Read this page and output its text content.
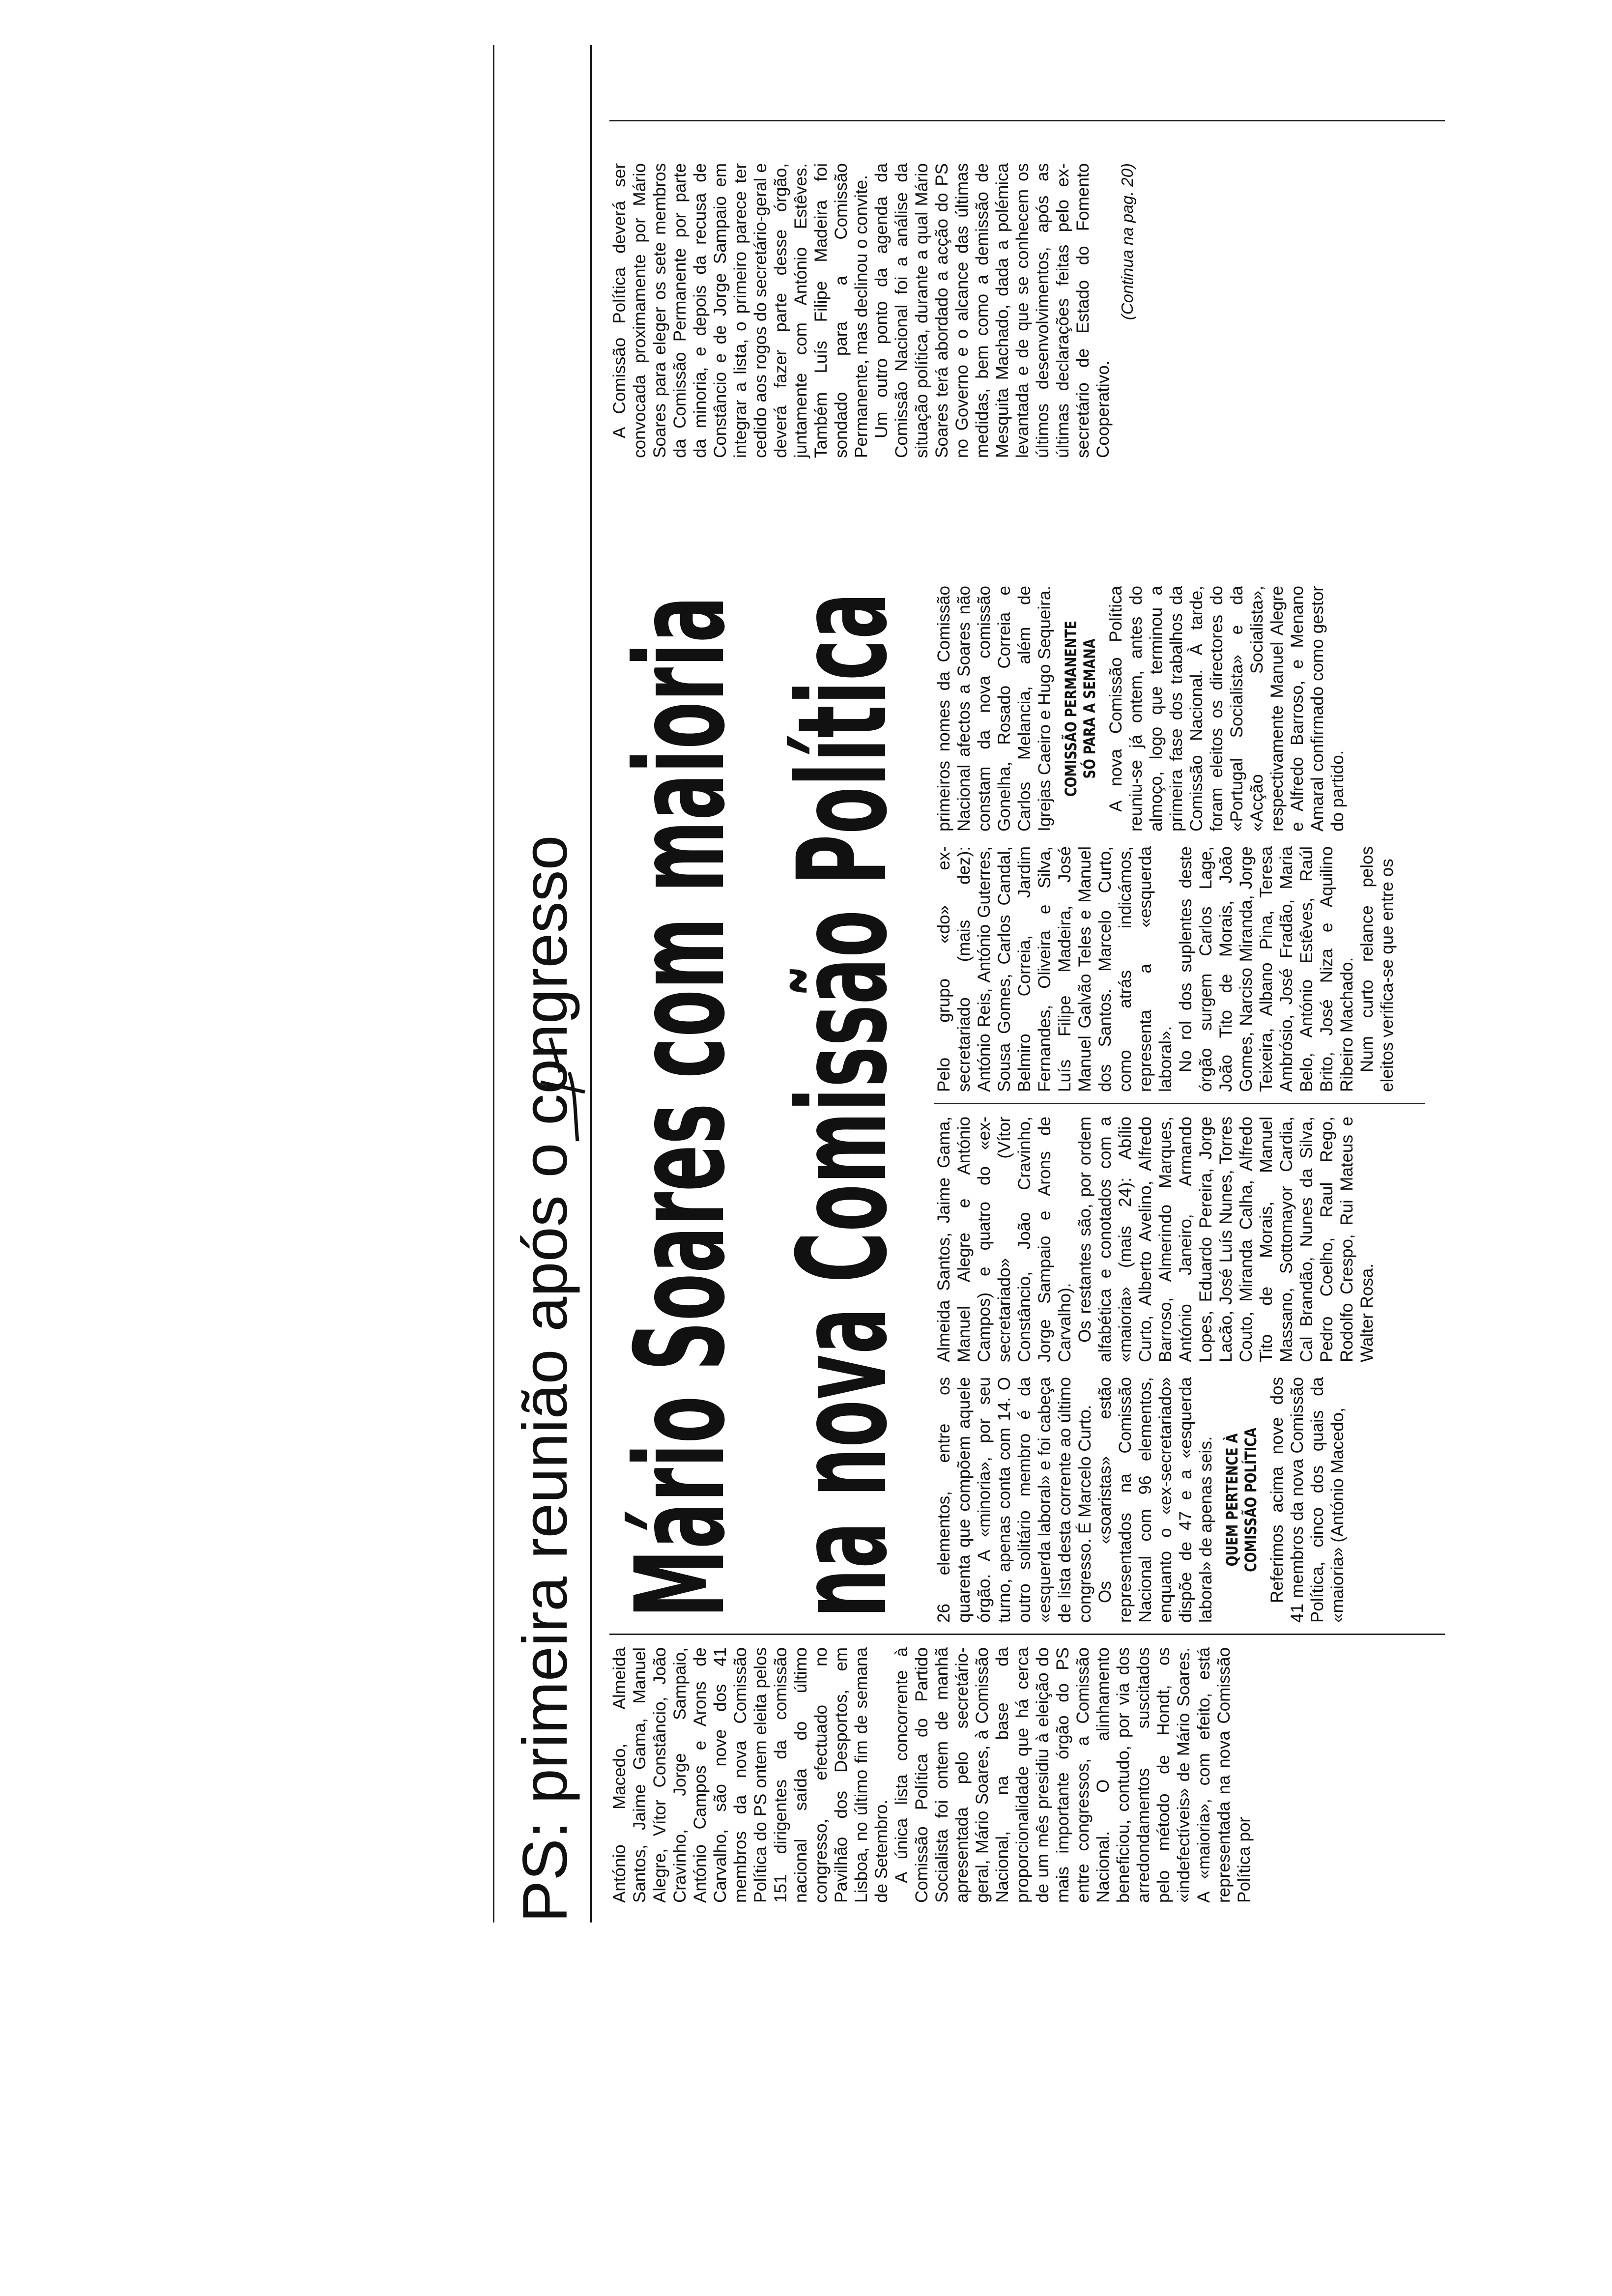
PS: primeira reunião após o congresso Mário Soares com maioria na nova Comissão Política

António Macedo, Almeida Santos, Jaime Gama, Manuel Alegre, Vítor Constâncio, João Cravinho, Jorge Sampaio, António Campos e Arons de Carvalho, são nove dos 41 membros da nova Comissão Política do PS ontem eleita pelos 151 dirigentes da comissão nacional saída do último congresso, efectuado no Pavilhão dos Desportos, em Lisboa, no último fim de semana de Setembro. A única lista concorrente à Comissão Política do Partido Socialista foi ontem de manhã apresentada pelo secretário-geral, Mário Soares, à Comissão Nacional, na base da proporcionalidade que há cerca de um mês presidiu à eleição do mais importante órgão do PS entre congressos, a Comissão Nacional. O alinhamento beneficiou, contudo, por via dos arredondamentos suscitados pelo método de Hondt, os «indefectíveis» de Mário Soares. A «maioria», com efeito, está representada na nova Comissão Política por

26 elementos, entre os quarenta que compõem aquele órgão. A «minoria», por seu turno, apenas conta com 14. O outro solitário membro é da «esquerda laboral» e foi cabeça de lista desta corrente ao último congresso. É Marcelo Curto. Os «soaristas» estão representados na Comissão Nacional com 96 elementos, enquanto o «ex-secretariado» dispõe de 47 e a «esquerda laboral» de apenas seis. QUEM PERTENCE À COMISSÃO POLÍTICA Referimos acima nove dos 41 membros da nova Comissão Política, cinco dos quais da «maioria» (António Macedo,

Almeida Santos, Jaime Gama, Manuel Alegre e António Campos) e quatro do «ex-secretariado» (Vítor Constâncio, João Cravinho, Jorge Sampaio e Arons de Carvalho). Os restantes são, por ordem alfabética e conotados com a «maioria» (mais 24): Abílio Curto, Alberto Avelino, Alfredo Barroso, Almerindo Marques, António Janeiro, Armando Lopes, Eduardo Pereira, Jorge Lacão, José Luís Nunes, Torres Couto, Miranda Calha, Alfredo Tito de Morais, Manuel Massano, Sottomayor Cardia, Cal Brandão, Nunes da Silva, Pedro Coelho, Raul Rego, Rodolfo Crespo, Rui Mateus e Walter Rosa.

Pelo grupo «do» ex-secretariado (mais dez): António Reis, António Guterres, Sousa Gomes, Carlos Candal, Belmiro Correia, Jardim Fernandes, Oliveira e Silva, Luís Filipe Madeira, José Manuel Galvão Teles e Manuel dos Santos. Marcelo Curto, como atrás indicámos, representa a «esquerda laboral». No rol dos suplentes deste órgão surgem Carlos Lage, João Tito de Morais, João Gomes, Narciso Miranda, Jorge Teixeira, Albano Pina, Teresa Ambrósio, José Fradão, Maria Belo, António Estêves, Raúl Brito, José Niza e Aquilino Ribeiro Machado. Num curto relance pelos eleitos verifica-se que entre os

primeiros nomes da Comissão Nacional afectos a Soares não constam da nova comissão Gonelha, Rosado Correia e Carlos Melancia, além de Igrejas Caeiro e Hugo Sequeira. COMISSÃO PERMANENTE SÓ PARA A SEMANA A nova Comissão Política reuniu-se já ontem, antes do almoço, logo que terminou a primeira fase dos trabalhos da Comissão Nacional. À tarde, foram eleitos os directores do «Portugal Socialista» e da «Acção Socialista», respectivamente Manuel Alegre e Alfredo Barroso, e Menano Amaral confirmado como gestor do partido.

A Comissão Política deverá ser convocada proximamente por Mário Soares para eleger os sete membros da Comissão Permanente por parte da minoria, e depois da recusa de Constâncio e de Jorge Sampaio em integrar a lista, o primeiro parece ter cedido aos rogos do secretário-geral e deverá fazer parte desse órgão, juntamente com António Estêves. Também Luís Filipe Madeira foi sondado para a Comissão Permanente, mas declinou o convite. Um outro ponto da agenda da Comissão Nacional foi a análise da situação política, durante a qual Mário Soares terá abordado a acção do PS no Governo e o alcance das últimas medidas, bem como a demissão de Mesquita Machado, dada a polémica levantada e de que se conhecem os últimos desenvolvimentos, após as últimas declarações feitas pelo ex-secretário de Estado do Fomento Cooperativo.

(Continua na pag. 20)
